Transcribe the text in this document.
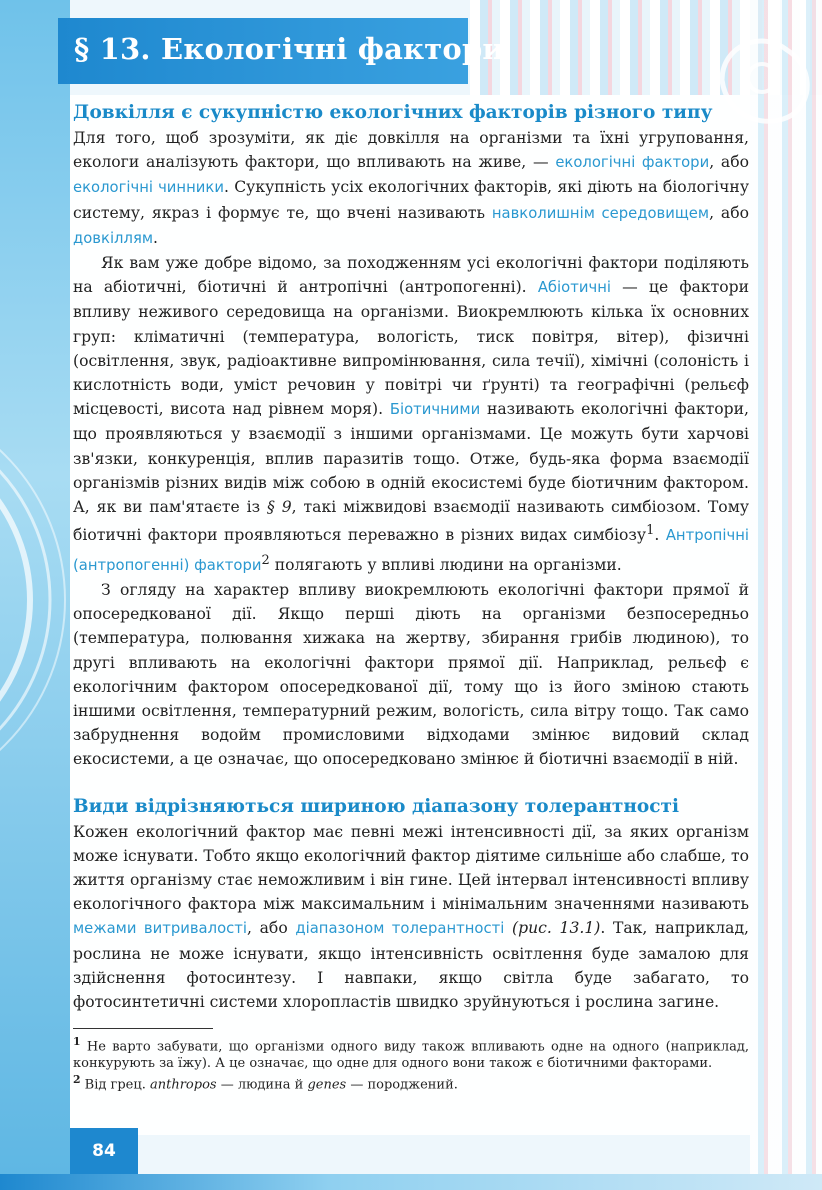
§ 13. Екологічні фактори
Довкілля є сукупністю екологічних факторів різного типу

Для того, щоб зрозуміти, як діє довкілля на організми та їхні угруповання, екологи аналізують фактори, що впливають на живе, — екологічні фактори, або екологічні чинники. Сукупність усіх екологічних факторів, які діють на біологічну систему, якраз і формує те, що вчені називають навколишнім середовищем, або довкіллям.

Як вам уже добре відомо, за походженням усі екологічні фактори поділяють на абіотичні, біотичні й антропічні (антропогенні). Абіотичні — це фактори впливу неживого середовища на організми. Виокремлюють кілька їх основних груп: кліматичні (температура, вологість, тиск повітря, вітер), фізичні (освітлення, звук, радіоактивне випромінювання, сила течії), хімічні (солоність і кислотність води, уміст речовин у повітрі чи ґрунті) та географічні (рельєф місцевості, висота над рівнем моря). Біотичними називають екологічні фактори, що проявляються у взаємодії з іншими організмами. Це можуть бути харчові зв'язки, конкуренція, вплив паразитів тощо. Отже, будь-яка форма взаємодії організмів різних видів між собою в одній екосистемі буде біотичним фактором. А, як ви пам'ятаєте із § 9, такі міжвидові взаємодії називають симбіозом. Тому біотичні фактори проявляються переважно в різних видах симбіозу$^1$. Антропічні (антропогенні) фактори$^2$ полягають у впливі людини на організми.

З огляду на характер впливу виокремлюють екологічні фактори прямої й опосередкованої дії. Якщо перші діють на організми безпосередньо (температура, полювання хижака на жертву, збирання грибів людиною), то другі впливають на екологічні фактори прямої дії. Наприклад, рельєф є екологічним фактором опосередкованої дії, тому що із його зміною стають іншими освітлення, температурний режим, вологість, сила вітру тощо. Так само забруднення водойм промисловими відходами змінює видовий склад екосистеми, а це означає, що опосередковано змінює й біотичні взаємодії в ній.

Види відрізняються шириною діапазону толерантності

Кожен екологічний фактор має певні межі інтенсивності дії, за яких організм може існувати. Тобто якщо екологічний фактор діятиме сильніше або слабше, то життя організму стає неможливим і він гине. Цей інтервал інтенсивності впливу екологічного фактора між максимальним і мінімальним значеннями називають межами витривалості, або діапазоном толерантності (рис. 13.1). Так, наприклад, рослина не може існувати, якщо інтенсивність освітлення буде замалою для здійснення фотосинтезу. І навпаки, якщо світла буде забагато, то фотосинтетичні системи хлоропластів швидко зруйнуються і рослина загине.

$^1$ Не варто забувати, що організми одного виду також впливають одне на одного (наприклад, конкурують за їжу). А це означає, що одне для одного вони також є біотичними факторами.

$^2$ Від грец. anthropos — людина й genes — породжений.

84
